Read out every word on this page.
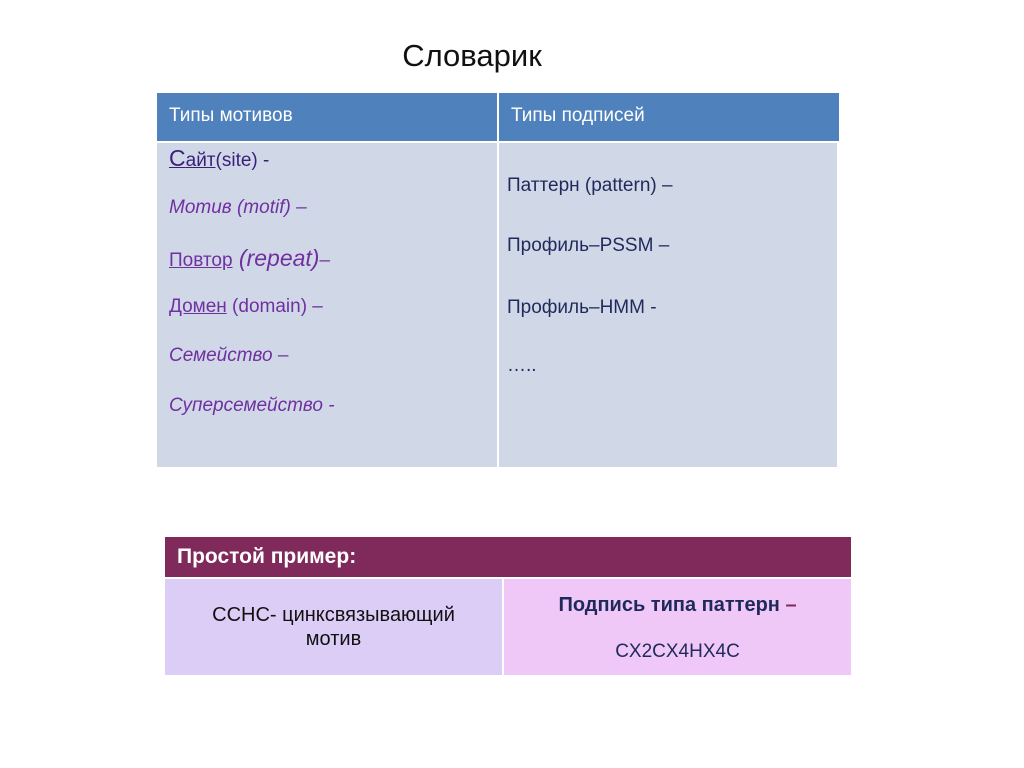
Словарик
Типы мотивов	Типы подписей
Сайт(site) -
Мотив (motif) –
Повтор (repeat)–
Домен (domain) –
Семейство –
Суперсемейство -
Паттерн (pattern) –
Профиль–PSSM –
Профиль–HMM -
…..
Простой пример:
CCHC- цинксвязывающий
мотив
Подпись типа паттерн –
CX2CX4HX4C
